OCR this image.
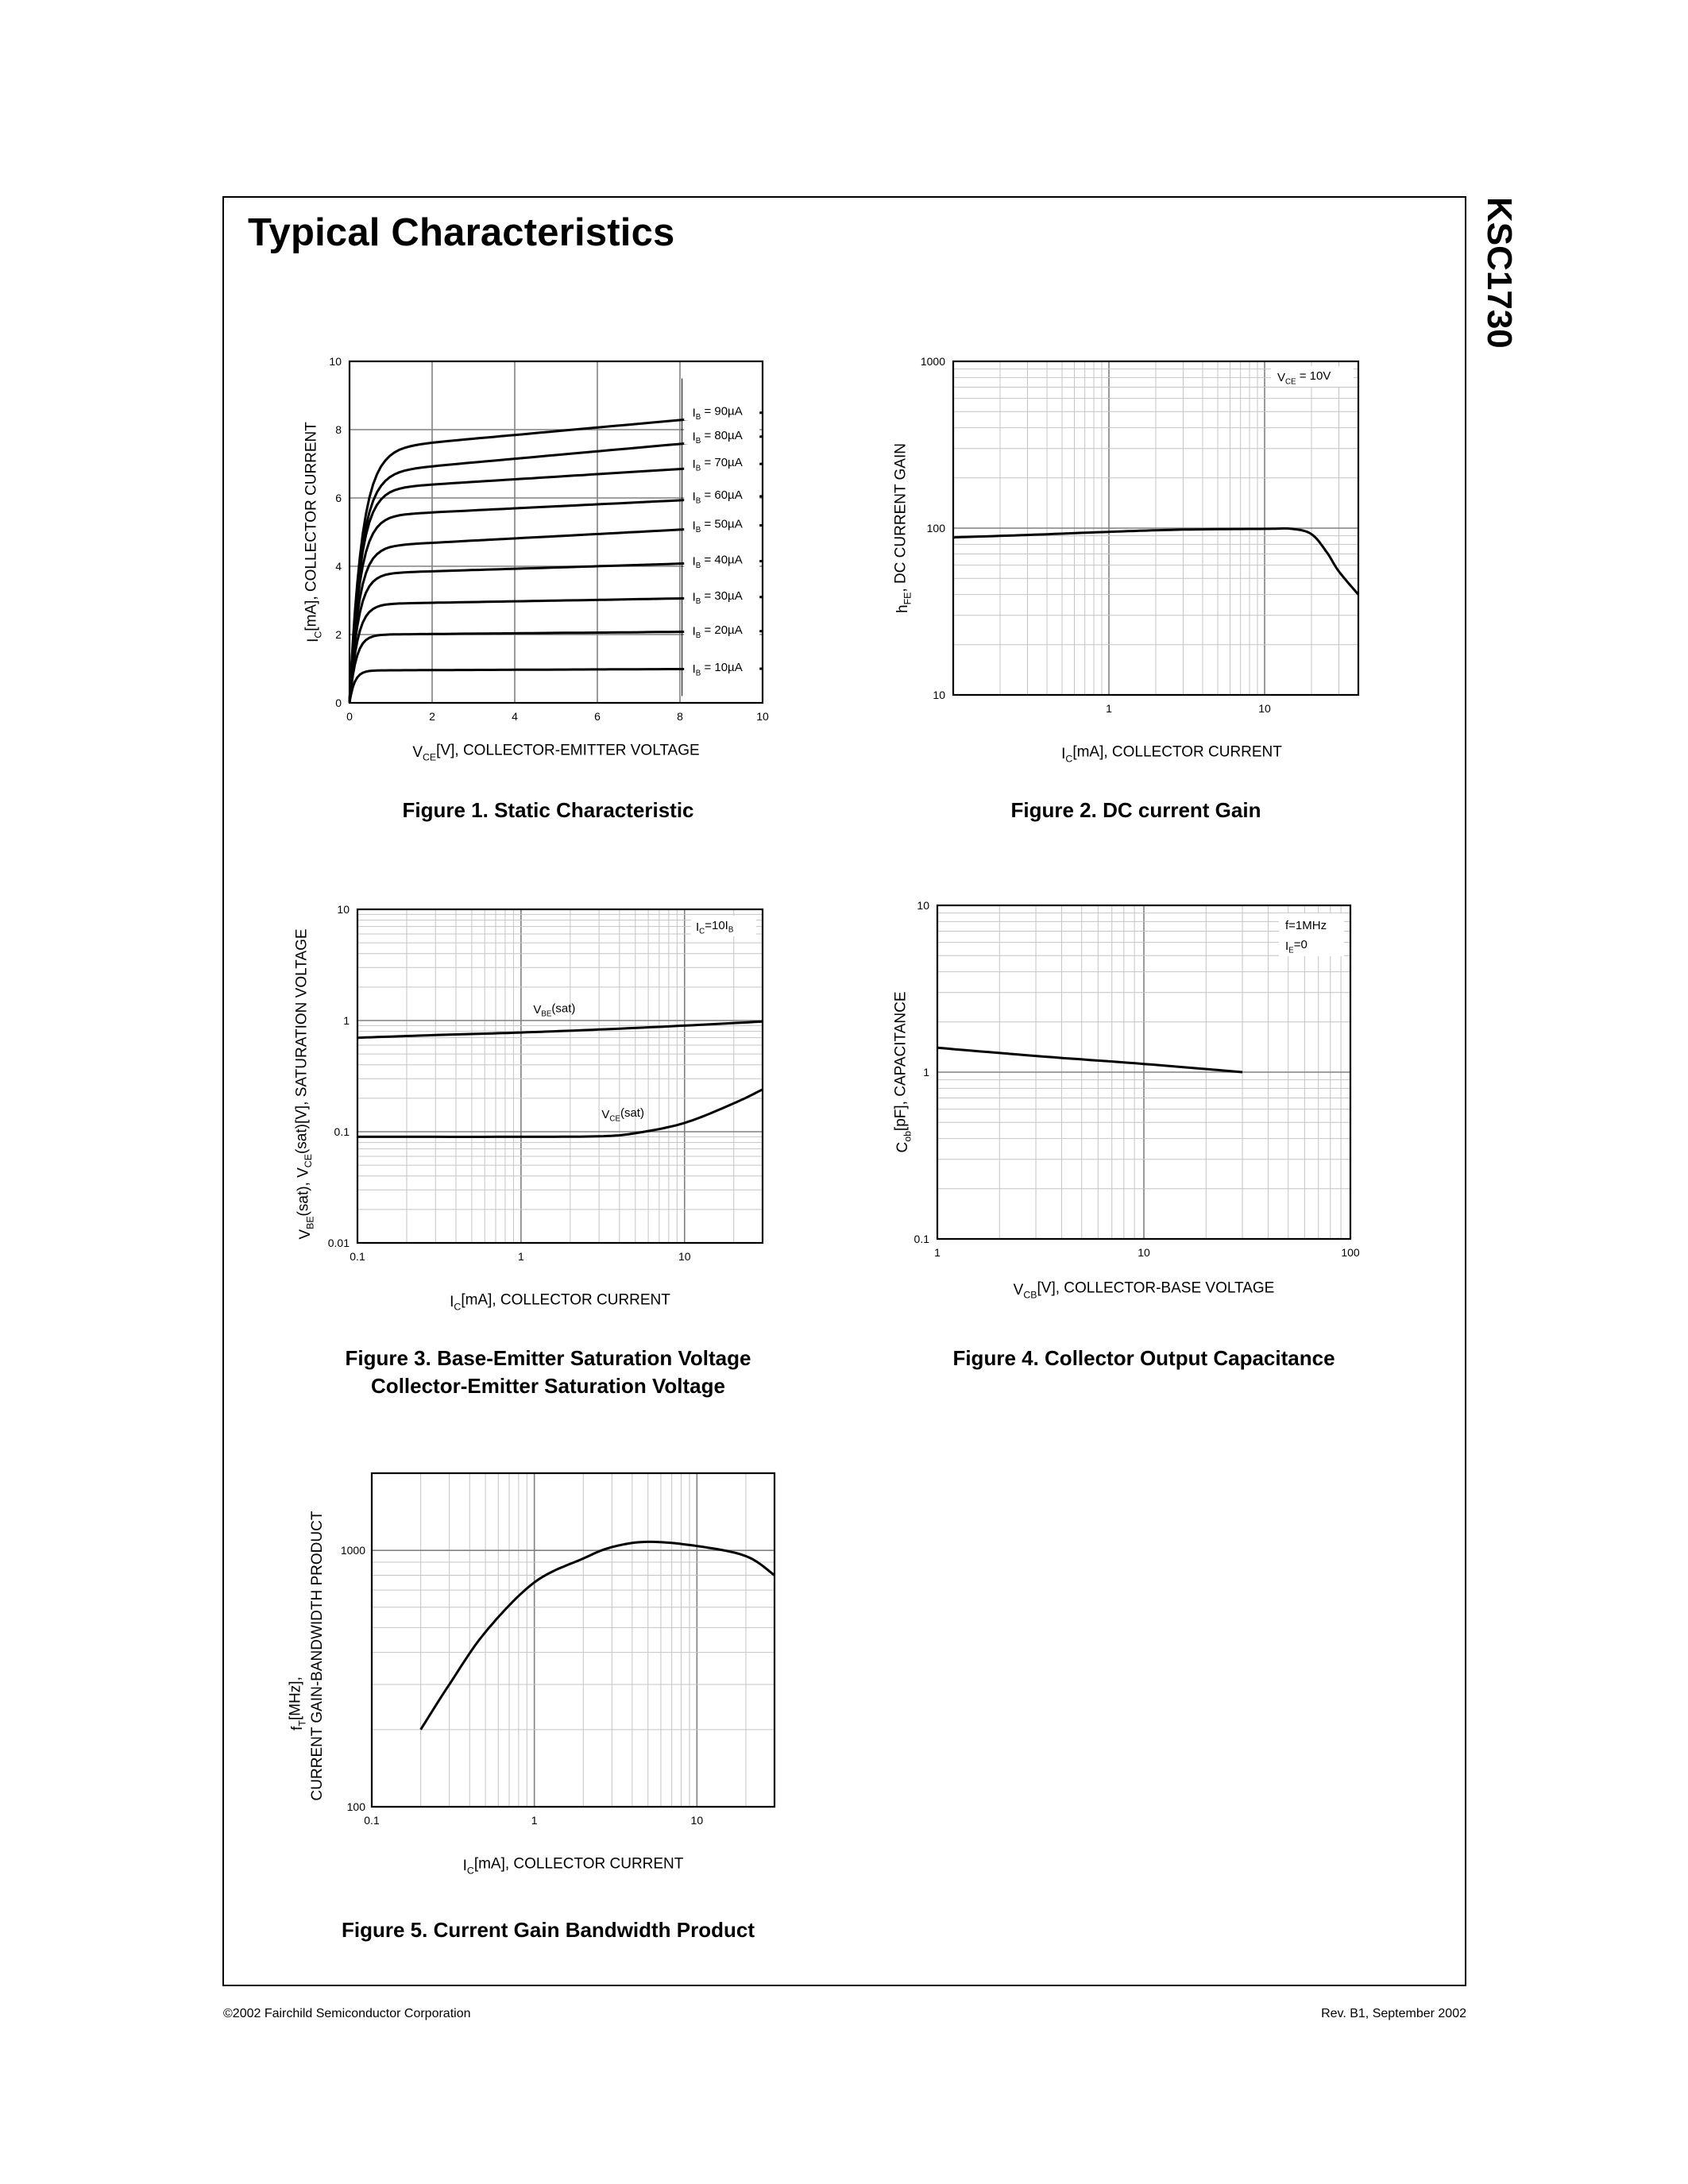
Typical Characteristics	KSC1730
0	2	4	6	8	10
0
2
4
6
8
10
$I_B = 10\mu A$
$I_B = 20\mu A$
$I_B = 30\mu A$
$I_B = 40\mu A$
$I_B = 50\mu A$
$I_B = 60\mu A$
$I_B = 70\mu A$
$I_B = 80\mu A$
$I_B = 90\mu A$
$V_{CE}[V]$, COLLECTOR-EMITTER VOLTAGE
$I_C[mA]$, COLLECTOR CURRENT
Figure 1. Static Characteristic
1	10
10
100
1000
$V_{CE} = 10V$
$I_C[mA]$, COLLECTOR CURRENT
$h_{FE}$, DC CURRENT GAIN
Figure 2. DC current Gain
0.1	1	10
0.01
0.1
1
10
$V_{BE}(sat)$
$V_{CE}(sat)$
$I_C=10I_B$
$I_C[mA]$, COLLECTOR CURRENT
$V_{BE}(sat)$, $V_{CE}(sat)[V]$, SATURATION VOLTAGE
Figure 3. Base-Emitter Saturation Voltage
Collector-Emitter Saturation Voltage
1	10	100
0.1
1
10
f=1MHz
$I_E=0$
$V_{CB}[V]$, COLLECTOR-BASE VOLTAGE
$C_{ob}[pF]$, CAPACITANCE
Figure 4. Collector Output Capacitance
0.1	1	10
100
1000
$I_C[mA]$, COLLECTOR CURRENT
$f_T[MHz]$, CURRENT GAIN-BANDWIDTH PRODUCT
Figure 5. Current Gain Bandwidth Product
©2002 Fairchild Semiconductor Corporation	Rev. B1, September 2002
